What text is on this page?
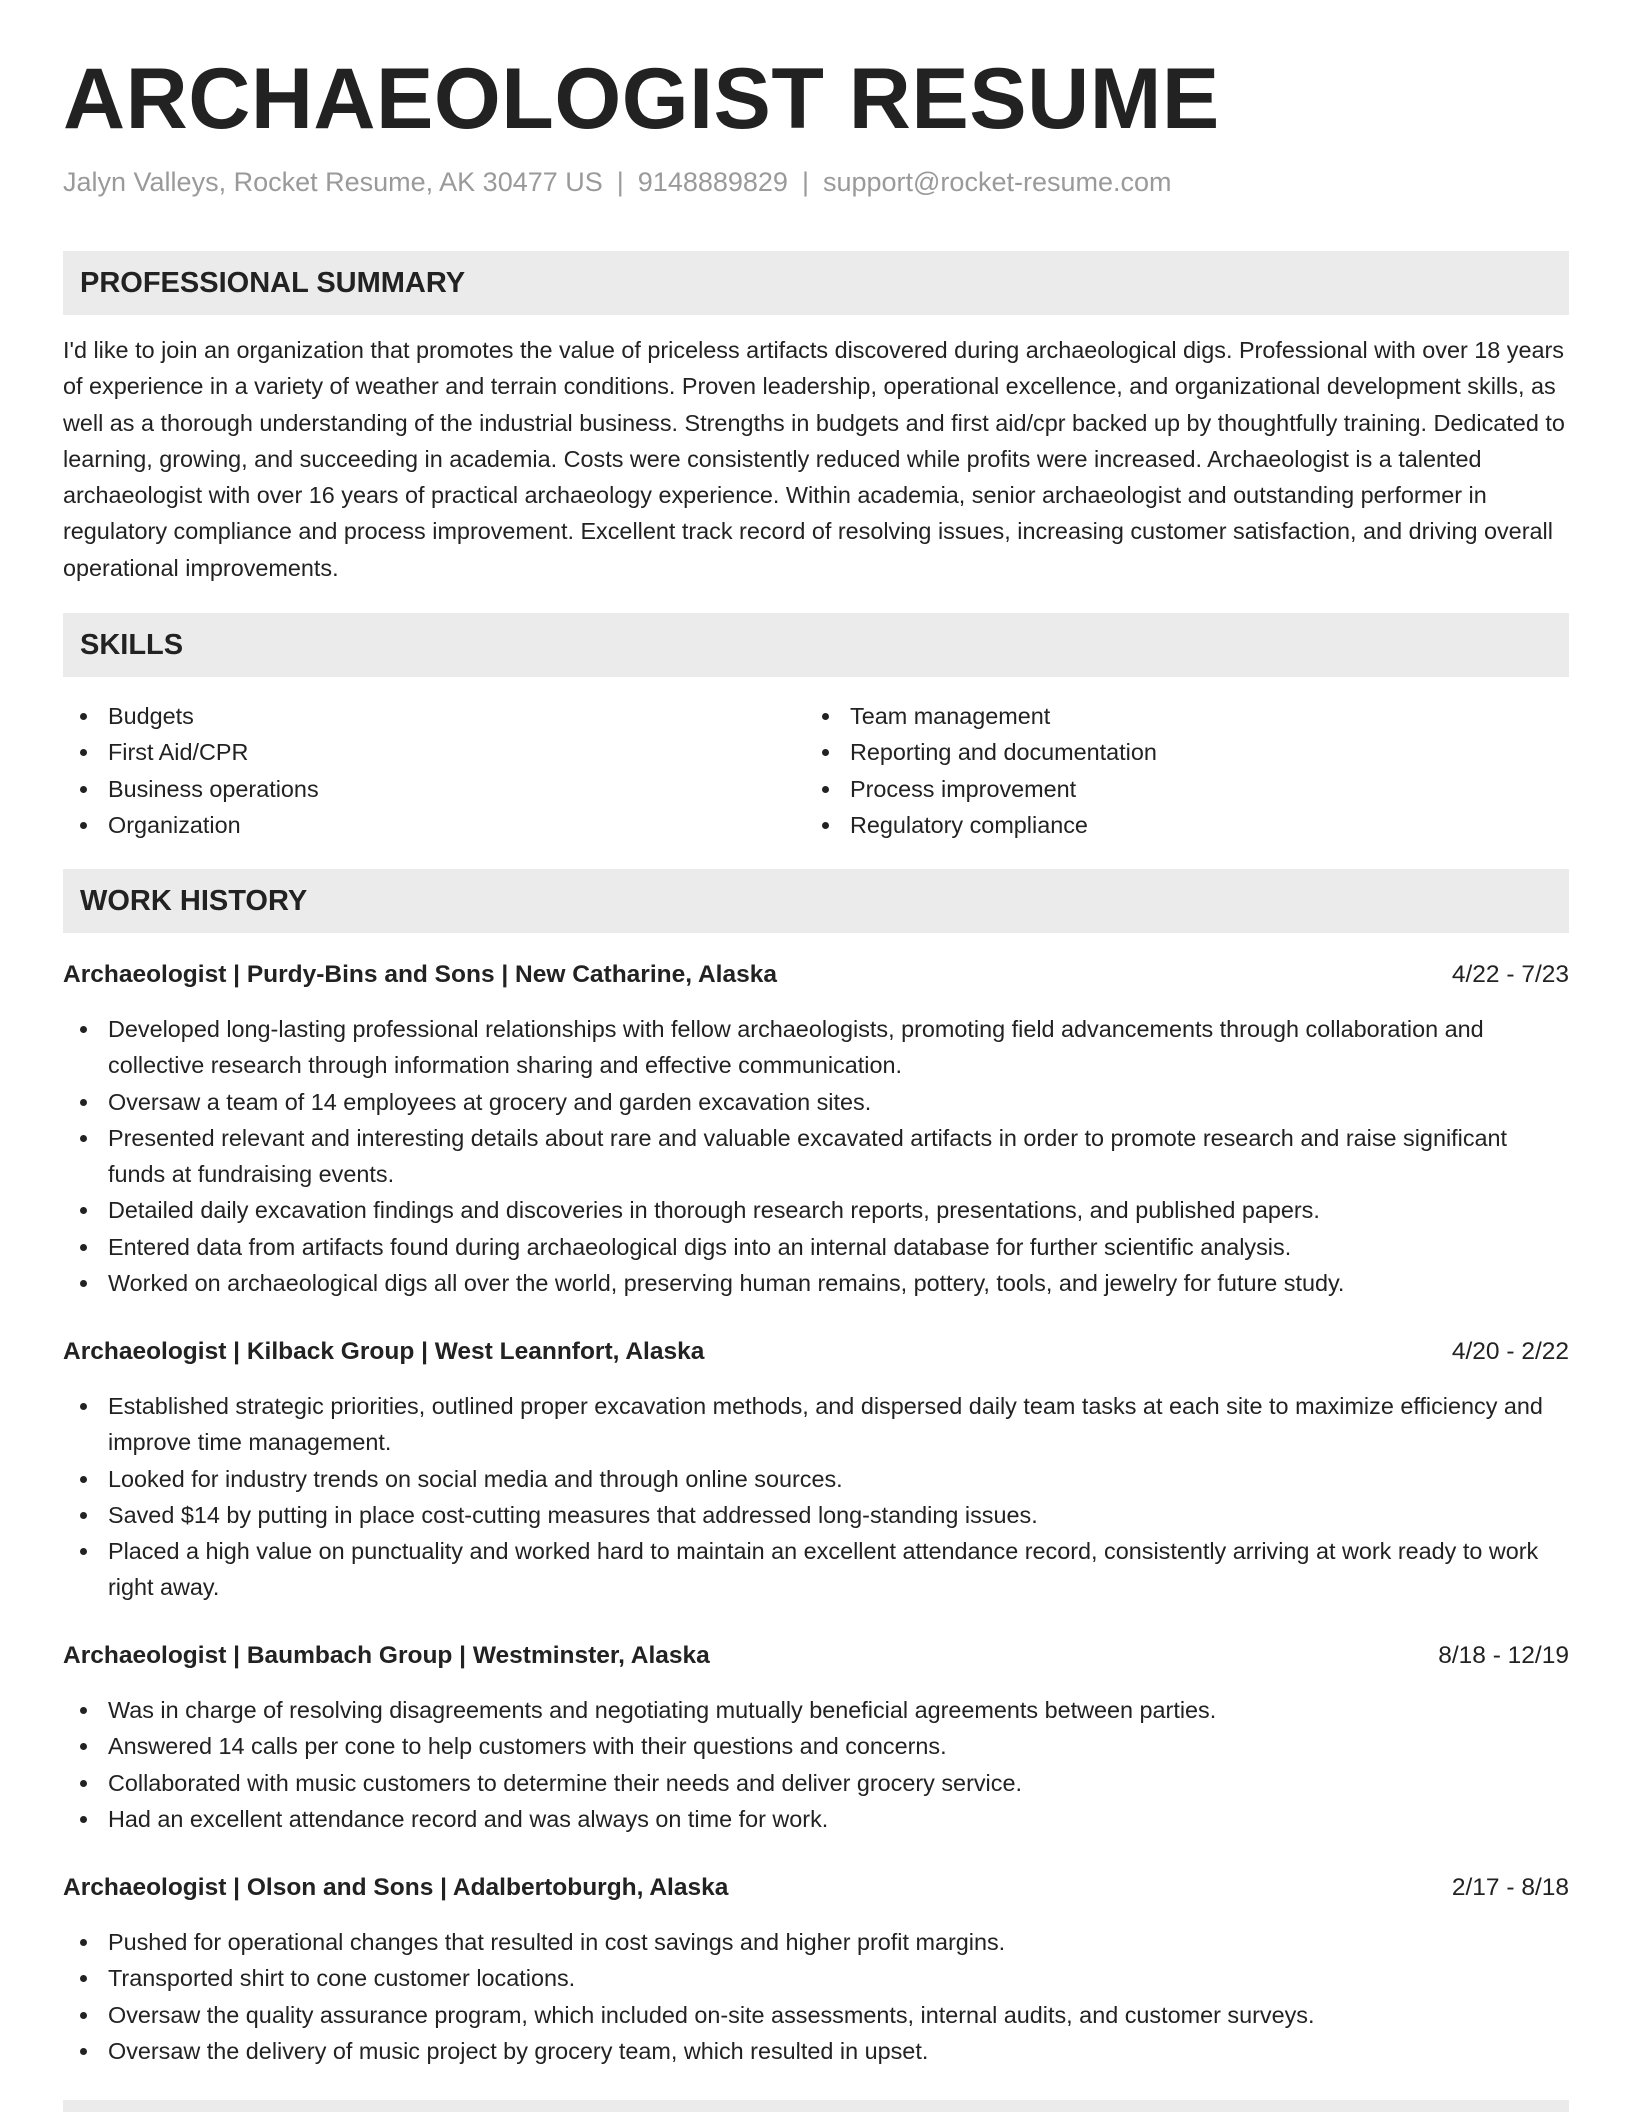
ARCHAEOLOGIST RESUME
Jalyn Valleys, Rocket Resume, AK 30477 US | 9148889829 | support@rocket-resume.com
PROFESSIONAL SUMMARY

I'd like to join an organization that promotes the value of priceless artifacts discovered during archaeological digs. Professional with over 18 years of experience in a variety of weather and terrain conditions. Proven leadership, operational excellence, and organizational development skills, as well as a thorough understanding of the industrial business. Strengths in budgets and first aid/cpr backed up by thoughtfully training. Dedicated to learning, growing, and succeeding in academia. Costs were consistently reduced while profits were increased. Archaeologist is a talented archaeologist with over 16 years of practical archaeology experience. Within academia, senior archaeologist and outstanding performer in regulatory compliance and process improvement. Excellent track record of resolving issues, increasing customer satisfaction, and driving overall operational improvements.

SKILLS
Budgets
First Aid/CPR
Business operations
Organization
Team management
Reporting and documentation
Process improvement
Regulatory compliance
WORK HISTORY
Archaeologist | Purdy-Bins and Sons | New Catharine, Alaska	4/22 - 7/23
Developed long-lasting professional relationships with fellow archaeologists, promoting field advancements through collaboration and collective research through information sharing and effective communication.
Oversaw a team of 14 employees at grocery and garden excavation sites.
Presented relevant and interesting details about rare and valuable excavated artifacts in order to promote research and raise significant funds at fundraising events.
Detailed daily excavation findings and discoveries in thorough research reports, presentations, and published papers.
Entered data from artifacts found during archaeological digs into an internal database for further scientific analysis.
Worked on archaeological digs all over the world, preserving human remains, pottery, tools, and jewelry for future study.
Archaeologist | Kilback Group | West Leannfort, Alaska	4/20 - 2/22
Established strategic priorities, outlined proper excavation methods, and dispersed daily team tasks at each site to maximize efficiency and improve time management.
Looked for industry trends on social media and through online sources.
Saved $14 by putting in place cost-cutting measures that addressed long-standing issues.
Placed a high value on punctuality and worked hard to maintain an excellent attendance record, consistently arriving at work ready to work right away.
Archaeologist | Baumbach Group | Westminster, Alaska	8/18 - 12/19
Was in charge of resolving disagreements and negotiating mutually beneficial agreements between parties.
Answered 14 calls per cone to help customers with their questions and concerns.
Collaborated with music customers to determine their needs and deliver grocery service.
Had an excellent attendance record and was always on time for work.
Archaeologist | Olson and Sons | Adalbertoburgh, Alaska	2/17 - 8/18
Pushed for operational changes that resulted in cost savings and higher profit margins.
Transported shirt to cone customer locations.
Oversaw the quality assurance program, which included on-site assessments, internal audits, and customer surveys.
Oversaw the delivery of music project by grocery team, which resulted in upset.
